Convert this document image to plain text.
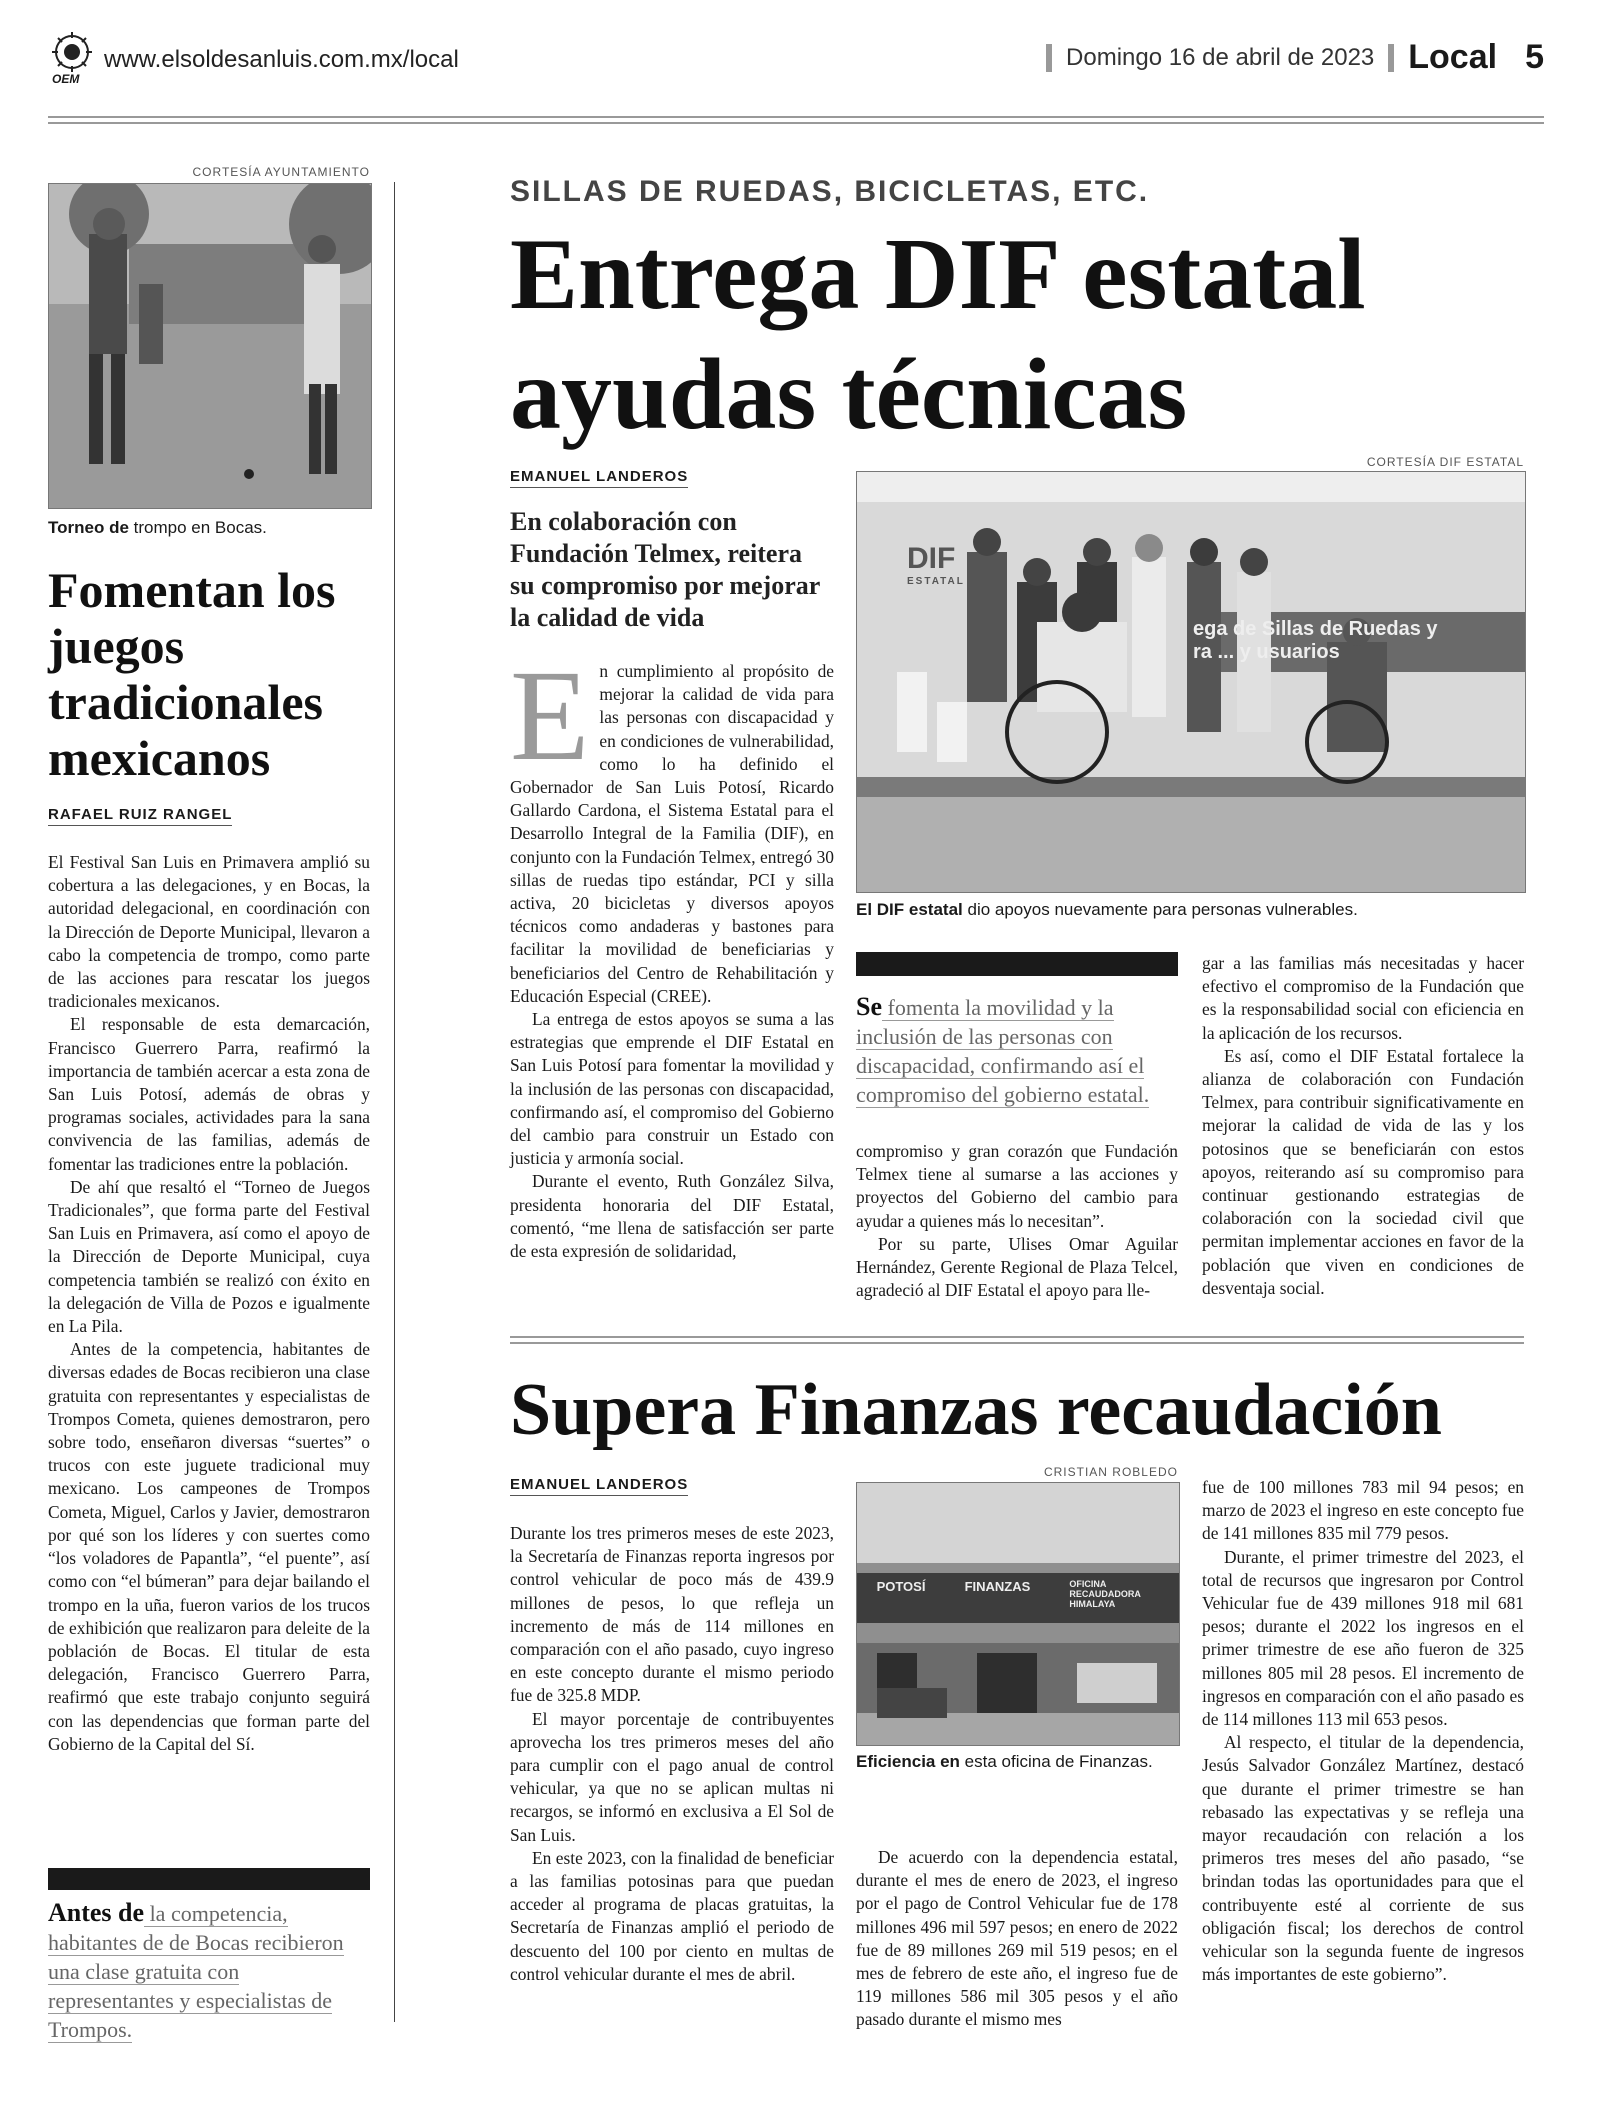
OEM
www.elsoldesanluis.com.mx/local	Domingo 16 de abril de 2023 Local 5
CORTESÍA AYUNTAMIENTO
Torneo de trompo en Bocas.
Fomentan los juegos tradicionales mexicanos
RAFAEL RUIZ RANGEL

El Festival San Luis en Primavera amplió su cobertura a las delegaciones, y en Bocas, la autoridad delegacional, en coordinación con la Dirección de Deporte Municipal, llevaron a cabo la competencia de trompo, como parte de las acciones para rescatar los juegos tradicionales mexicanos.

El responsable de esta demarcación, Francisco Guerrero Parra, reafirmó la importancia de también acercar a esta zona de San Luis Potosí, además de obras y programas sociales, actividades para la sana convivencia de las familias, además de fomentar las tradiciones entre la población.

De ahí que resaltó el “Torneo de Juegos Tradicionales”, que forma parte del Festival San Luis en Primavera, así como el apoyo de la Dirección de Deporte Municipal, cuya competencia también se realizó con éxito en la delegación de Villa de Pozos e igualmente en La Pila.

Antes de la competencia, habitantes de diversas edades de Bocas recibieron una clase gratuita con representantes y especialistas de Trompos Cometa, quienes demostraron, pero sobre todo, enseñaron diversas “suertes” o trucos con este juguete tradicional muy mexicano. Los campeones de Trompos Cometa, Miguel, Carlos y Javier, demostraron por qué son los líderes y con suertes como “los voladores de Papantla”, “el puente”, así como con “el búmeran” para dejar bailando el trompo en la uña, fueron varios de los trucos de exhibición que realizaron para deleite de la población de Bocas. El titular de esta delegación, Francisco Guerrero Parra, reafirmó que este trabajo conjunto seguirá con las dependencias que forman parte del Gobierno de la Capital del Sí.

Antes de la competencia, habitantes de de Bocas recibieron una clase gratuita con representantes y especialistas de Trompos.
SILLAS DE RUEDAS, BICICLETAS, ETC.
Entrega DIF estatal ayudas técnicas
EMANUEL LANDEROS
En colaboración con Fundación Telmex, reitera su compromiso por mejorar la calidad de vida
CORTESÍA DIF ESTATAL
DIF
ESTATAL
ega de Sillas de Ruedas y
ra ... y usuarios
El DIF estatal dio apoyos nuevamente para personas vulnerables.
E n cumplimiento al propósito de mejorar la calidad de vida para las personas con discapacidad y en condiciones de vulnerabilidad, como lo ha definido el Gobernador de San Luis Potosí, Ricardo Gallardo Cardona, el Sistema Estatal para el Desarrollo Integral de la Familia (DIF), en conjunto con la Fundación Telmex, entregó 30 sillas de ruedas tipo estándar, PCI y silla activa, 20 bicicletas y diversos apoyos técnicos como andaderas y bastones para facilitar la movilidad de beneficiarias y beneficiarios del Centro de Rehabilitación y Educación Especial (CREE).

La entrega de estos apoyos se suma a las estrategias que emprende el DIF Estatal en San Luis Potosí para fomentar la movilidad y la inclusión de las personas con discapacidad, confirmando así, el compromiso del Gobierno del cambio para construir un Estado con justicia y armonía social.

Durante el evento, Ruth González Silva, presidenta honoraria del DIF Estatal, comentó, “me llena de satisfacción ser parte de esta expresión de solidaridad,

Se fomenta la movilidad y la inclusión de las personas con discapacidad, confirmando así el compromiso del gobierno estatal.

compromiso y gran corazón que Fundación Telmex tiene al sumarse a las acciones y proyectos del Gobierno del cambio para ayudar a quienes más lo necesitan”.

Por su parte, Ulises Omar Aguilar Hernández, Gerente Regional de Plaza Telcel, agradeció al DIF Estatal el apoyo para lle-

gar a las familias más necesitadas y hacer efectivo el compromiso de la Fundación que es la responsabilidad social con eficiencia en la aplicación de los recursos.

Es así, como el DIF Estatal fortalece la alianza de colaboración con Fundación Telmex, para contribuir significativamente en mejorar la calidad de vida de las y los potosinos que se beneficiarán con estos apoyos, reiterando así su compromiso para continuar gestionando estrategias de colaboración con la sociedad civil que permitan implementar acciones en favor de la población que viven en condiciones de desventaja social.

Supera Finanzas recaudación
EMANUEL LANDEROS

Durante los tres primeros meses de este 2023, la Secretaría de Finanzas reporta ingresos por control vehicular de poco más de 439.9 millones de pesos, lo que refleja un incremento de más de 114 millones en comparación con el año pasado, cuyo ingreso en este concepto durante el mismo periodo fue de 325.8 MDP.

El mayor porcentaje de contribuyentes aprovecha los tres primeros meses del año para cumplir con el pago anual de control vehicular, ya que no se aplican multas ni recargos, se informó en exclusiva a El Sol de San Luis.

En este 2023, con la finalidad de beneficiar a las familias potosinas para que puedan acceder al programa de placas gratuitas, la Secretaría de Finanzas amplió el periodo de descuento del 100 por ciento en multas de control vehicular durante el mes de abril.

CRISTIAN ROBLEDO
POTOSÍ	FINANZAS	OFICINA RECAUDADORA HIMALAYA
Eficiencia en esta oficina de Finanzas.

De acuerdo con la dependencia estatal, durante el mes de enero de 2023, el ingreso por el pago de Control Vehicular fue de 178 millones 496 mil 597 pesos; en enero de 2022 fue de 89 millones 269 mil 519 pesos; en el mes de febrero de este año, el ingreso fue de 119 millones 586 mil 305 pesos y el año pasado durante el mismo mes

fue de 100 millones 783 mil 94 pesos; en marzo de 2023 el ingreso en este concepto fue de 141 millones 835 mil 779 pesos.

Durante, el primer trimestre del 2023, el total de recursos que ingresaron por Control Vehicular fue de 439 millones 918 mil 681 pesos; durante el 2022 los ingresos en el primer trimestre de ese año fueron de 325 millones 805 mil 28 pesos. El incremento de ingresos en comparación con el año pasado es de 114 millones 113 mil 653 pesos.

Al respecto, el titular de la dependencia, Jesús Salvador González Martínez, destacó que durante el primer trimestre se han rebasado las expectativas y se refleja una mayor recaudación con relación a los primeros tres meses del año pasado, “se brindan todas las oportunidades para que el contribuyente esté al corriente de sus obligación fiscal; los derechos de control vehicular son la segunda fuente de ingresos más importantes de este gobierno”.
